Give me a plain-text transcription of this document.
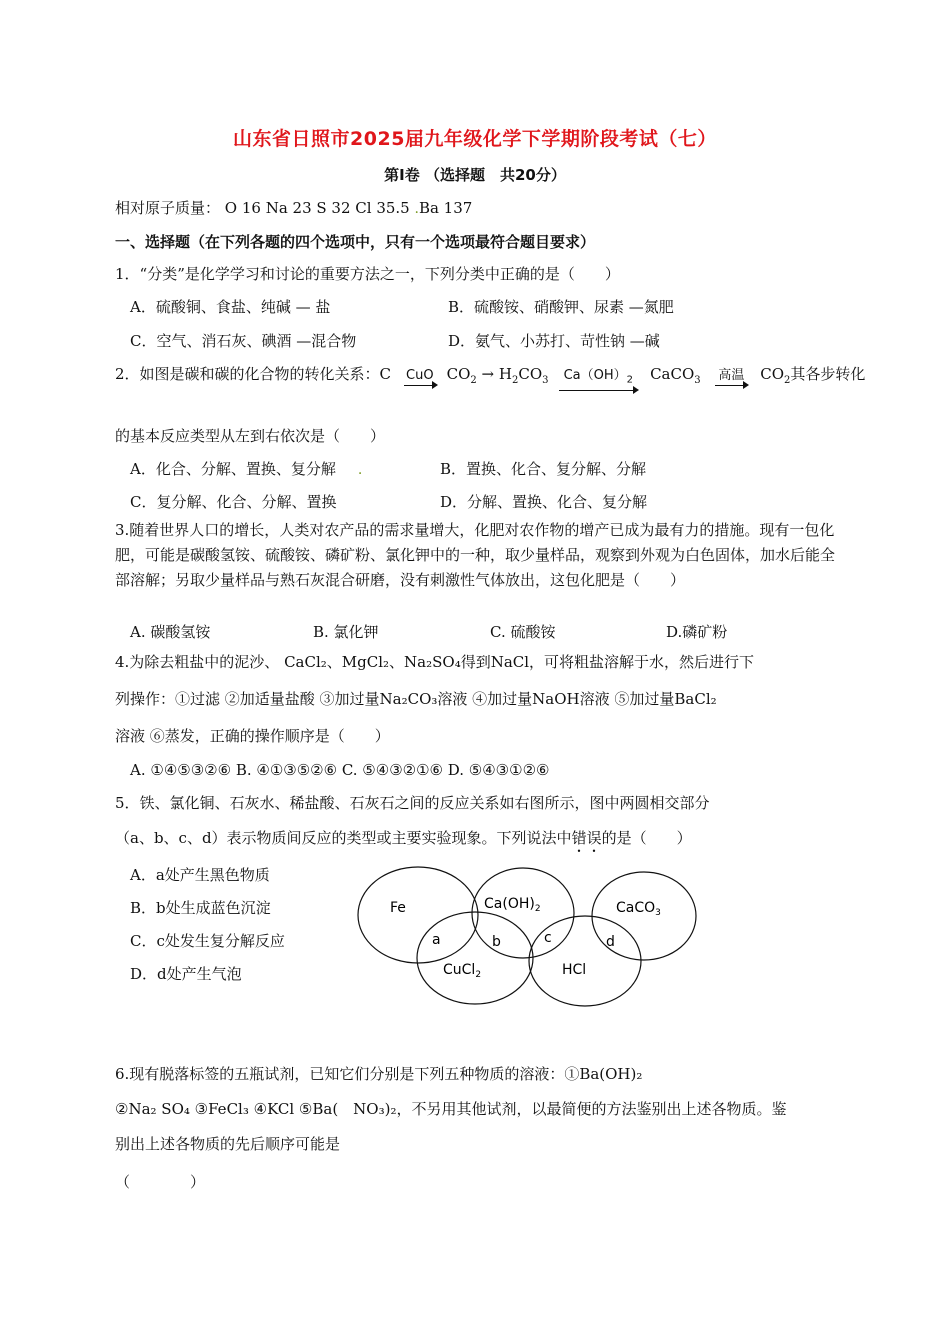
山东省日照市2025届九年级化学下学期阶段考试（七）
第Ⅰ卷 （选择题　共20分）
相对原子质量： O 16 Na 23 S 32 Cl 35.5 .Ba 137
一、选择题（在下列各题的四个选项中，只有一个选项最符合题目要求）
1．“分类”是化学学习和讨论的重要方法之一，下列分类中正确的是（　　）
A．硫酸铜、食盐、纯碱 — 盐	B．硫酸铵、硝酸钾、尿素 —氮肥
C．空气、消石灰、碘酒 —混合物	D．氨气、小苏打、苛性钠 —碱
2．如图是碳和碳的化合物的转化关系：C CuO $CO_2 \to H_2CO_3$	$Ca(OH)_2$ CaCO$_3$ 高温 $CO_2$其各步转化
的基本反应类型从左到右依次是（　　）
A．化合、分解、置换、复分解 .	B．置换、化合、复分解、分解
C．复分解、化合、分解、置换	D．分解、置换、化合、复分解
3.随着世界人口的增长，人类对农产品的需求量增大，化肥对农作物的增产已成为最有力的措施。现有一包化肥，可能是碳酸氢铵、硫酸铵、磷矿粉、氯化钾中的一种，取少量样品，观察到外观为白色固体，加水后能全部溶解；另取少量样品与熟石灰混合研磨，没有刺激性气体放出，这包化肥是（　　）
A. 碳酸氢铵	B. 氯化钾	C. 硫酸铵	D.磷矿粉
4.为除去粗盐中的泥沙、 CaCl₂、MgCl₂、Na₂SO₄得到NaCl，可将粗盐溶解于水，然后进行下
列操作：①过滤 ②加适量盐酸 ③加过量Na₂CO₃溶液 ④加过量NaOH溶液 ⑤加过量BaCl₂
溶液 ⑥蒸发，正确的操作顺序是（　　）
A. ①④⑤③②⑥ B. ④①③⑤②⑥ C. ⑤④③②①⑥ D. ⑤④③①②⑥
5．铁、氯化铜、石灰水、稀盐酸、石灰石之间的反应关系如右图所示，图中两圆相交部分
（a、b、c、d）表示物质间反应的类型或主要实验现象。下列说法中错误的是（　　）
A．a处产生黑色物质
B．b处生成蓝色沉淀
C．c处发生复分解反应
D．d处产生气泡
Fe	$Ca(OH)_2$	CaCO$_3$
CuCl$_2$	HCl
a	b	c	d
6.现有脱落标签的五瓶试剂，已知它们分别是下列五种物质的溶液：①Ba(OH)₂
②Na₂ SO₄ ③FeCl₃ ④KCl ⑤Ba(　NO₃)₂，不另用其他试剂，以最简便的方法鉴别出上述各物质。鉴
别出上述各物质的先后顺序可能是
（　　　　）
